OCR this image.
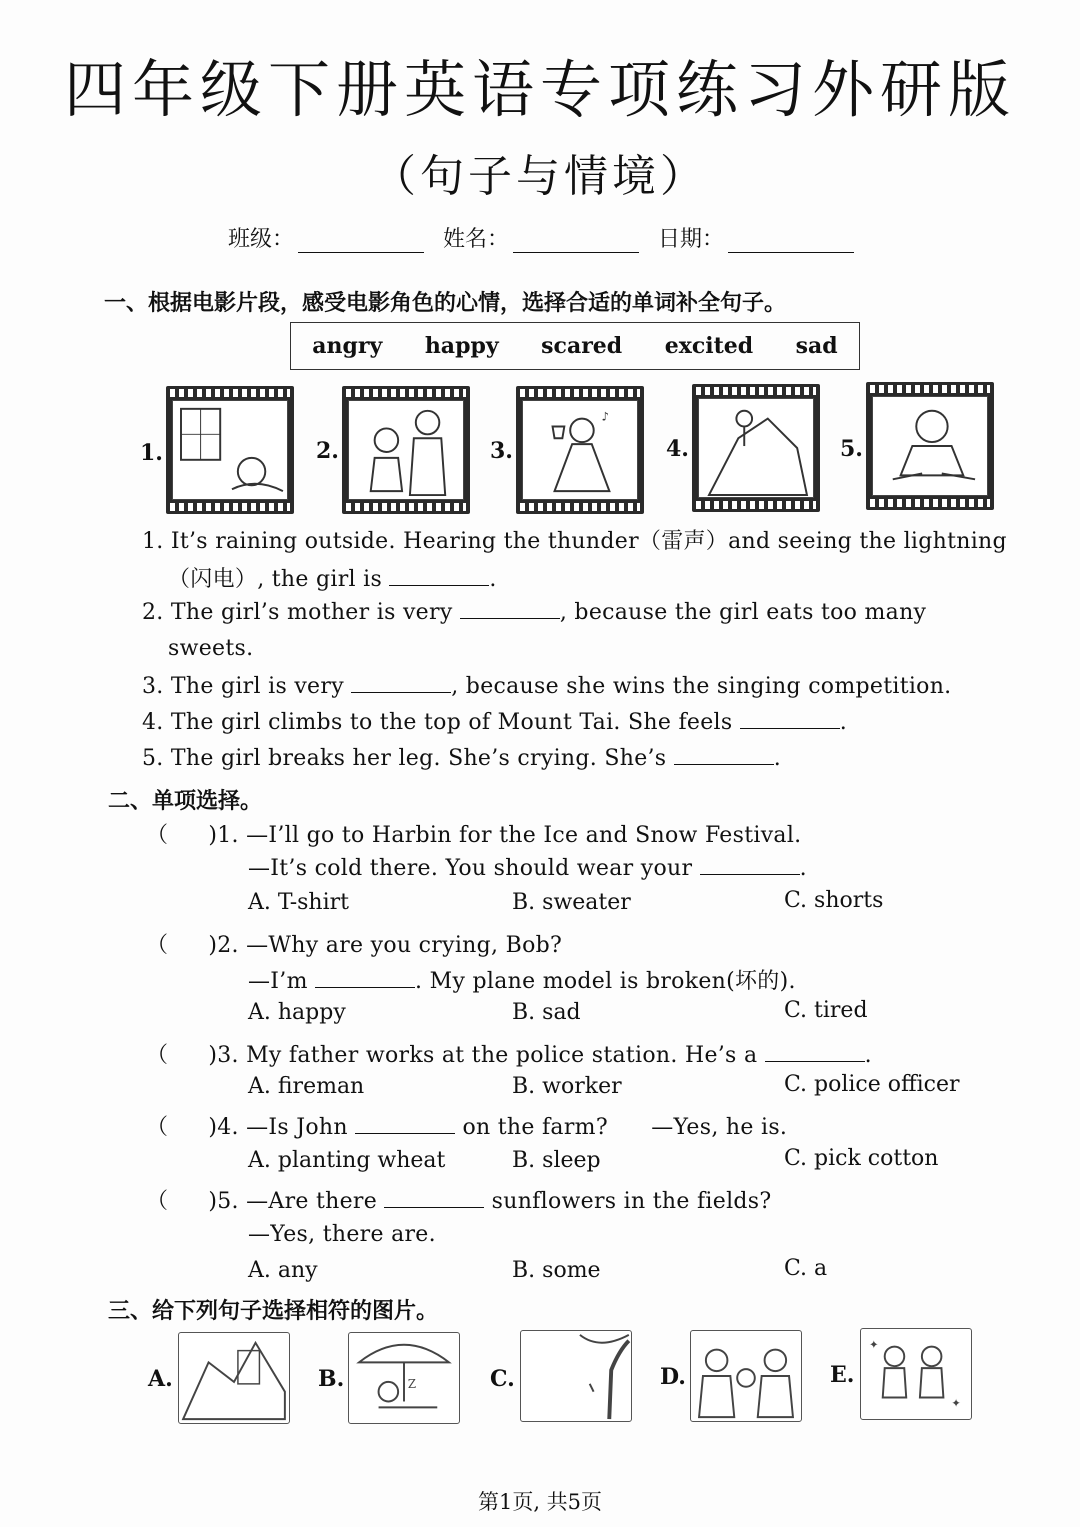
四年级下册英语专项练习外研版
（句子与情境）
班级：	姓名：	日期：
一、根据电影片段，感受电影角色的心情，选择合适的单词补全句子。
angry happy scared excited sad
1.	2.	3.
♪
4.	5.
1. It’s raining outside. Hearing the thunder（雷声）and seeing the lightning
（闪电）, the girl is	.
2. The girl’s mother is very	, because the girl eats too many
sweets.
3. The girl is very	, because she wins the singing competition.
4. The girl climbs to the top of Mount Tai. She feels	.
5. The girl breaks her leg. She’s crying. She’s	.
二、单项选择。
（ )1. —I’ll go to Harbin for the Ice and Snow Festival.
—It’s cold there. You should wear your	.
A. T-shirt	B. sweater	C. shorts
（ )2. —Why are you crying, Bob?
—I’m	. My plane model is broken(坏的).
A. happy	B. sad	C. tired
（ )3. My father works at the police station. He’s a	.
A. fireman	B. worker	C. police officer
（ )4. —Is John	on the farm? —Yes, he is.
A. planting wheat	B. sleep	C. pick cotton
（ )5. —Are there	sunflowers in the fields?
—Yes, there are.
A. any	B. some	C. a
三、给下列句子选择相符的图片。
A.	B.	Z	C.	D.	E.
✦
✦
第1页, 共5页
